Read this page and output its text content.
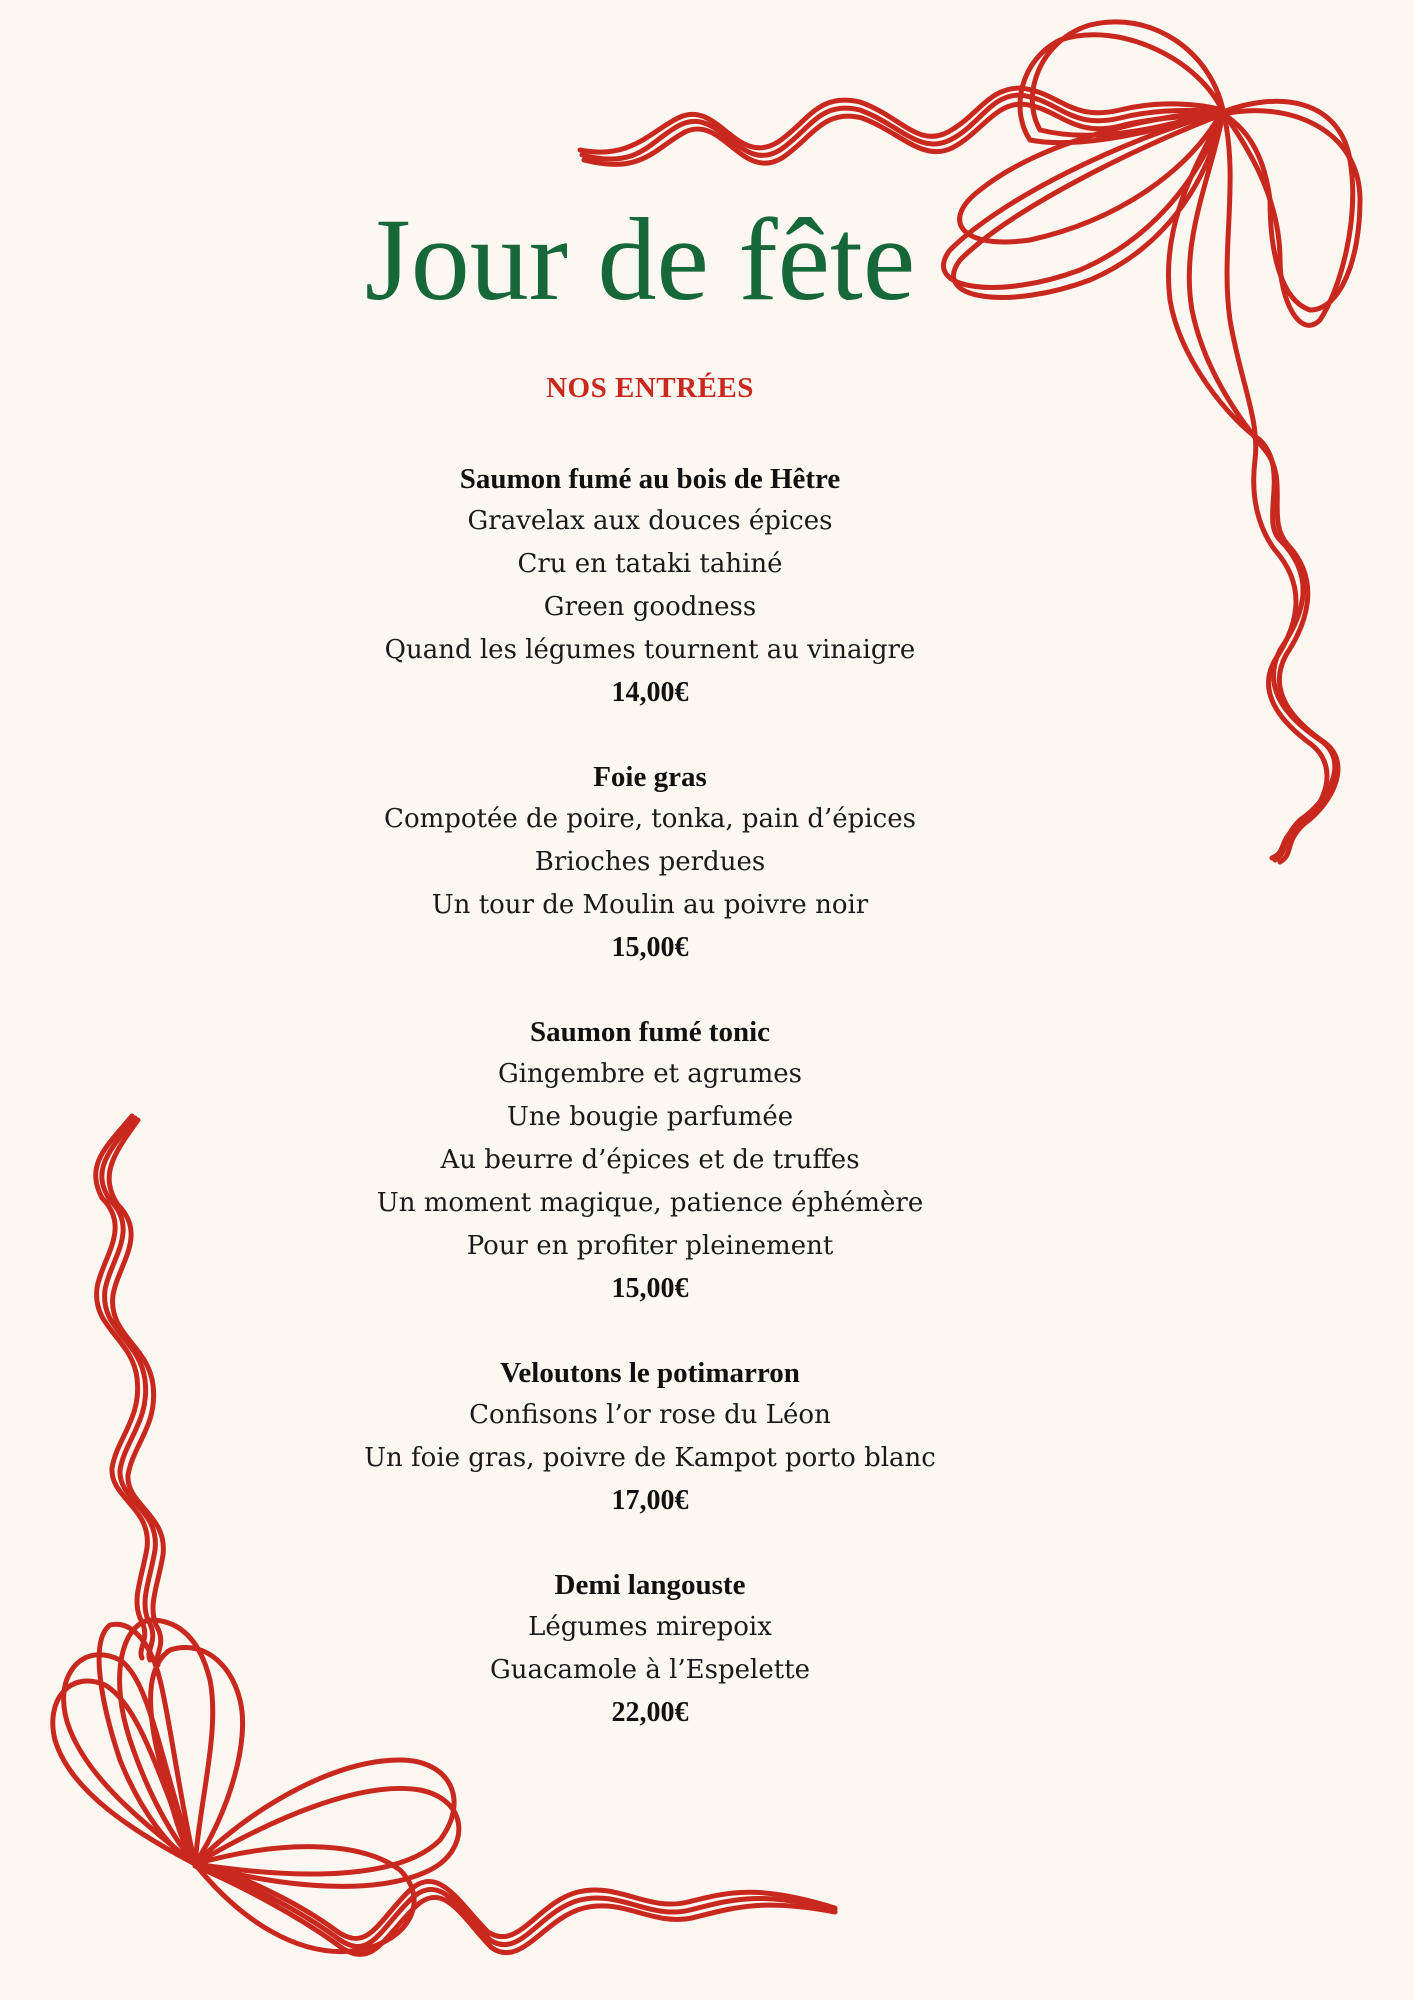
Jour de fête
NOS ENTRÉES
Saumon fumé au bois de Hêtre
Gravelax aux douces épices
Cru en tataki tahiné
Green goodness
Quand les légumes tournent au vinaigre
14,00€
Foie gras
Compotée de poire, tonka, pain d’épices
Brioches perdues
Un tour de Moulin au poivre noir
15,00€
Saumon fumé tonic
Gingembre et agrumes
Une bougie parfumée
Au beurre d’épices et de truffes
Un moment magique, patience éphémère
Pour en profiter pleinement
15,00€
Veloutons le potimarron
Confisons l’or rose du Léon
Un foie gras, poivre de Kampot porto blanc
17,00€
Demi langouste
Légumes mirepoix
Guacamole à l’Espelette
22,00€
